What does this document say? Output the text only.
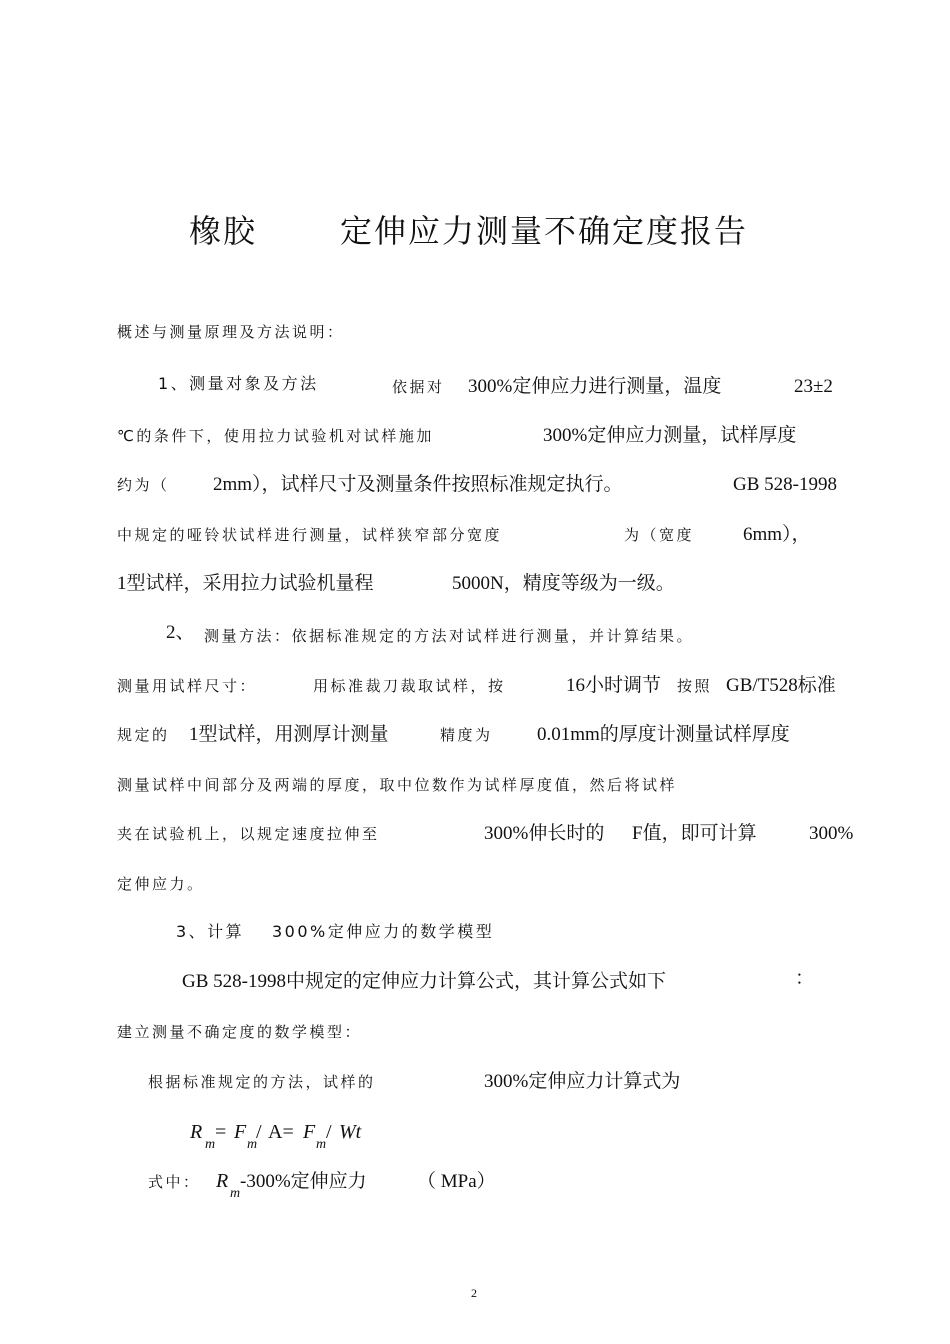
橡胶	定伸应力测量不确定度报告
概述与测量原理及方法说明：
1、测量对象及方法	依据对 300%定伸应力进行测量，温度	23±2
℃的条件下，使用拉力试验机对试样施加	300%定伸应力测量，试样厚度
约为（ 2mm），试样尺寸及测量条件按照标准规定执行。	GB 528-1998
中规定的哑铃状试样进行测量，试样狭窄部分宽度	为（宽度	6mm），
1型试样，采用拉力试验机量程	5000N，精度等级为一级。
2、 测量方法：依据标准规定的方法对试样进行测量，并计算结果。
测量用试样尺寸：	用标准裁刀裁取试样，按	16小时调节 按照 GB/T528标准
规定的 1型试样，用测厚计测量	精度为 0.01mm的厚度计测量试样厚度
测量试样中间部分及两端的厚度，取中位数作为试样厚度值，然后将试样
夹在试验机上，以规定速度拉伸至	300%伸长时的 F值，即可计算	300%
定伸应力。
3、计算 300%定伸应力的数学模型
GB 528-1998中规定的定伸应力计算公式，其计算公式如下	：
建立测量不确定度的数学模型：
根据标准规定的方法，试样的	300%定伸应力计算式为
R
m
= F /
m
A= F
m
/ Wt
式中： R
m
-300%定伸应力	（ MPa）
2
